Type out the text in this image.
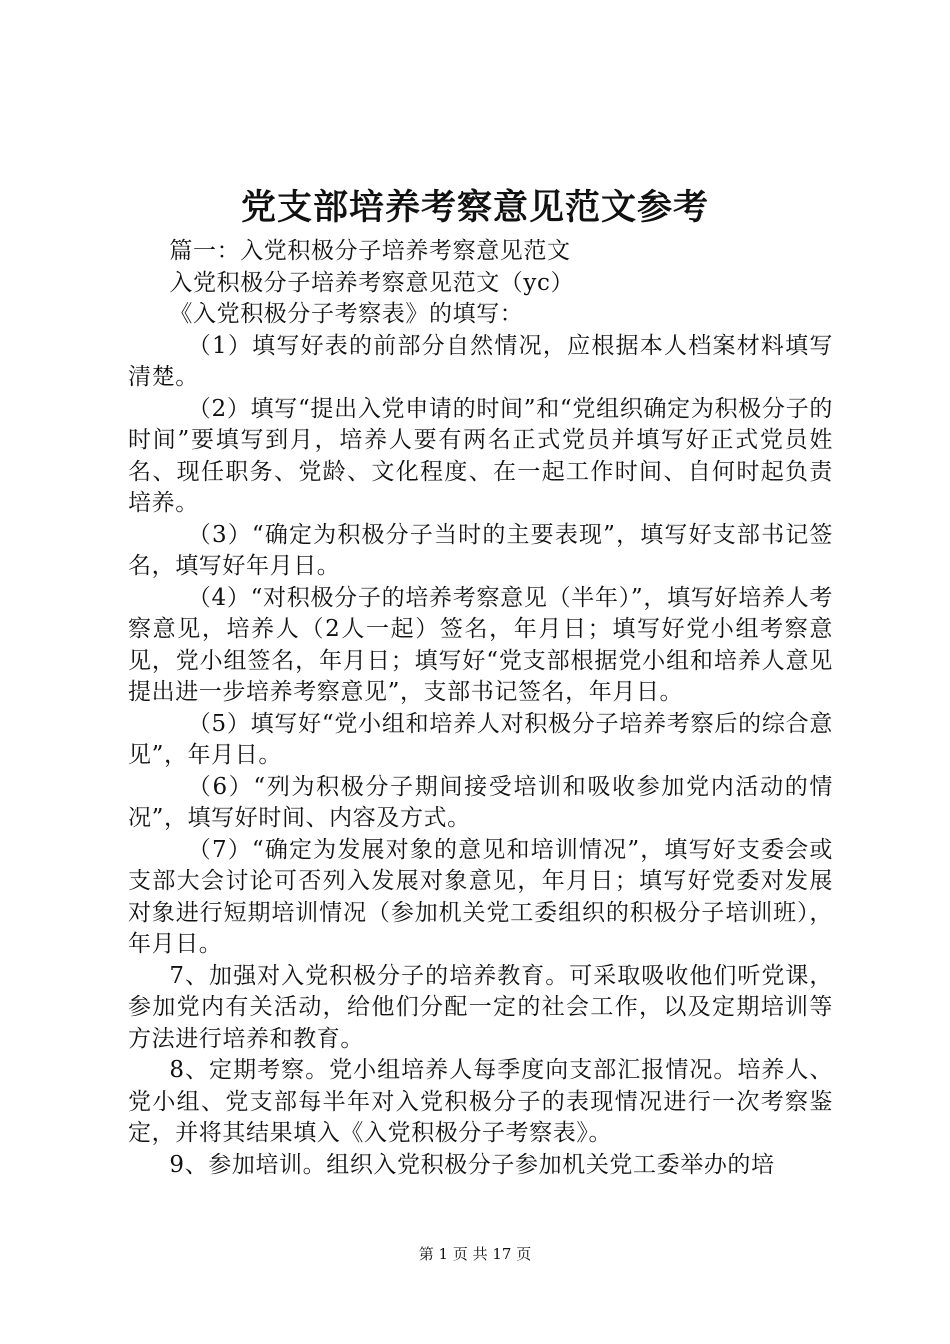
党支部培养考察意见范文参考

篇一：入党积极分子培养考察意见范文

入党积极分子培养考察意见范文（yc）

《入党积极分子考察表》的填写：

（1）填写好表的前部分自然情况，应根据本人档案材料填写清楚。

（2）填写“提出入党申请的时间”和“党组织确定为积极分子的时间”要填写到月，培养人要有两名正式党员并填写好正式党员姓名、现任职务、党龄、文化程度、在一起工作时间、自何时起负责培养。

（3）“确定为积极分子当时的主要表现”，填写好支部书记签名，填写好年月日。

（4）“对积极分子的培养考察意见（半年）”，填写好培养人考察意见，培养人（2人一起）签名，年月日；填写好党小组考察意见，党小组签名，年月日；填写好“党支部根据党小组和培养人意见提出进一步培养考察意见”，支部书记签名，年月日。

（5）填写好“党小组和培养人对积极分子培养考察后的综合意见”，年月日。

（6）“列为积极分子期间接受培训和吸收参加党内活动的情况”，填写好时间、内容及方式。

（7）“确定为发展对象的意见和培训情况”，填写好支委会或支部大会讨论可否列入发展对象意见，年月日；填写好党委对发展对象进行短期培训情况（参加机关党工委组织的积极分子培训班），年月日。

7、加强对入党积极分子的培养教育。可采取吸收他们听党课，参加党内有关活动，给他们分配一定的社会工作，以及定期培训等方法进行培养和教育。

8、定期考察。党小组培养人每季度向支部汇报情况。培养人、党小组、党支部每半年对入党积极分子的表现情况进行一次考察鉴定，并将其结果填入《入党积极分子考察表》。

9、参加培训。组织入党积极分子参加机关党工委举办的培

第 1 页 共 17 页
